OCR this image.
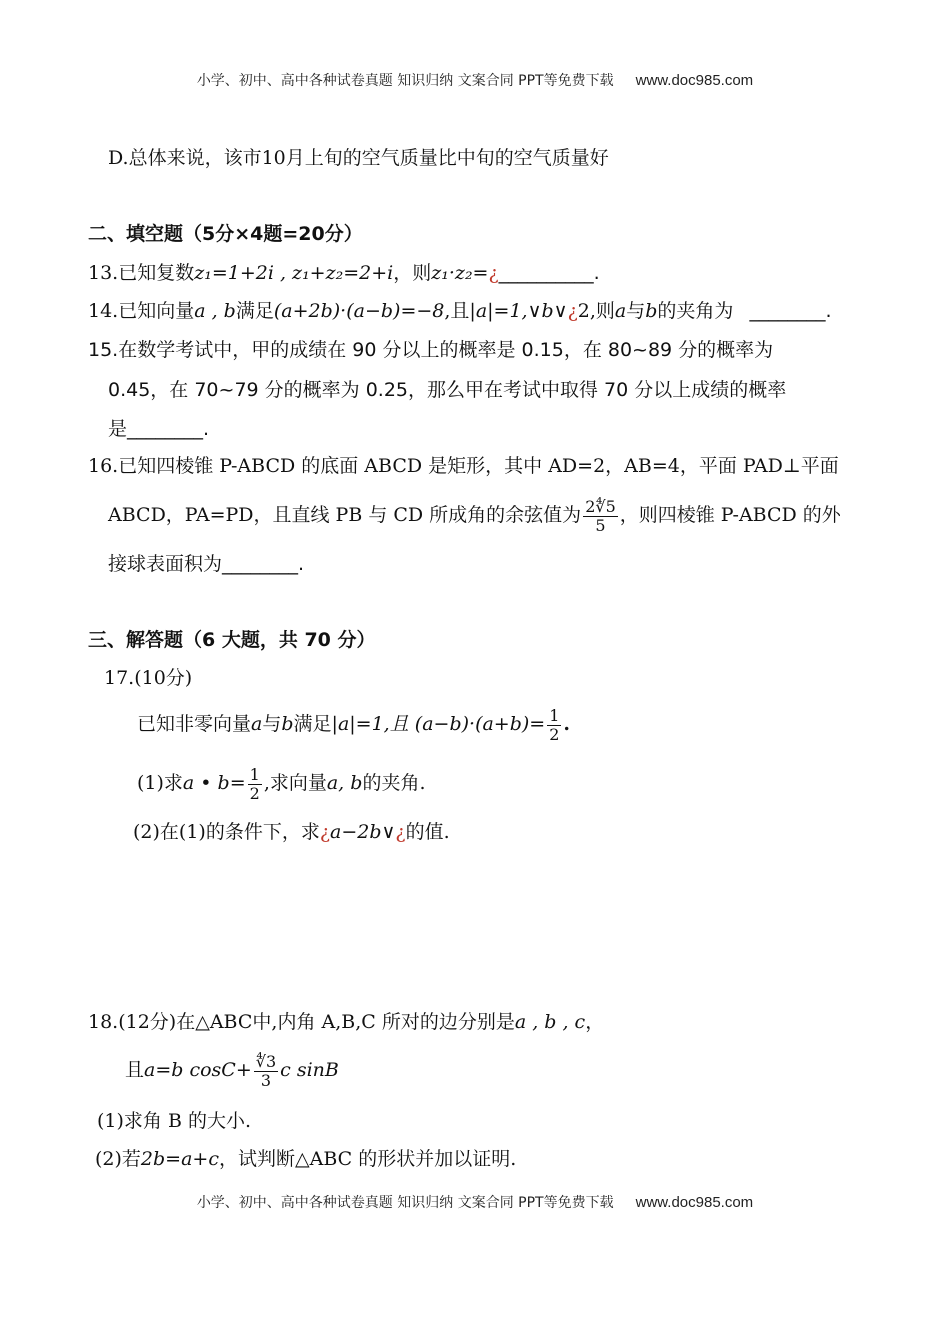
小学、初中、高中各种试卷真题 知识归纳 文案合同 PPT等免费下载 www.doc985.com
D.总体来说，该市10月上旬的空气质量比中旬的空气质量好
二、填空题（5分×4题=20分）
13.已知复数z₁=1+2i , z₁+z₂=2+i，则z₁·z₂=¿__________.
14.已知向量a , b满足(a+2b)·(a−b)=−8,且|a|=1,∨b∨¿2,则a与b的夹角为 ________.
15.在数学考试中，甲的成绩在 90 分以上的概率是 0.15，在 80~89 分的概率为
0.45，在 70~79 分的概率为 0.25，那么甲在考试中取得 70 分以上成绩的概率
是________.
16.已知四棱锥 P-ABCD 的底面 ABCD 是矩形，其中 AD=2，AB=4，平面 PAD⊥平面
ABCD，PA=PD，且直线 PB 与 CD 所成角的余弦值为 $\frac{2∜5}{5}$ ，则四棱锥 P-ABCD 的外
接球表面积为________.
三、解答题（6 大题，共 70 分）
17.(10分)
已知非零向量a与b满足|a|=1,且 $(a-b)\cdot(a+b)= \frac{1}{2}$ .
(1)求a • $b= \frac{1}{2}$ ,求向量a, b的夹角.
(2)在(1)的条件下，求¿a−2b∨¿的值.
18.(12分)在△ABC中,内角 A,B,C 所对的边分别是a , b , c，
且a=b $\cos C+ \frac{∜3}{3}$ c sinB
(1)求角 B 的大小.
(2)若2b=a+c，试判断△ABC 的形状并加以证明.
小学、初中、高中各种试卷真题 知识归纳 文案合同 PPT等免费下载 www.doc985.com
